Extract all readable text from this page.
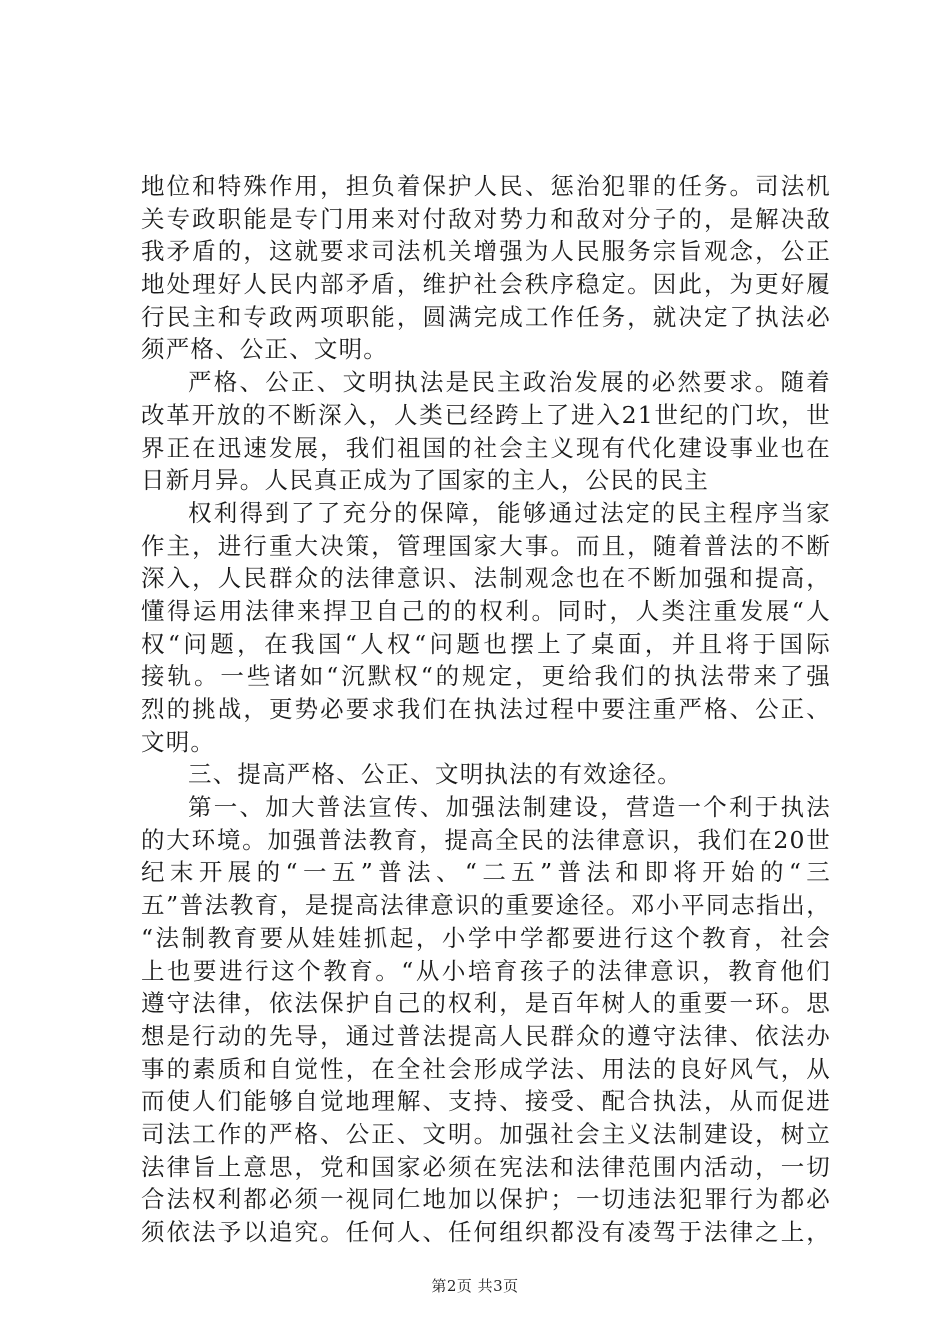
地位和特殊作用，担负着保护人民、惩治犯罪的任务。司法机
关专政职能是专门用来对付敌对势力和敌对分子的，是解决敌
我矛盾的，这就要求司法机关增强为人民服务宗旨观念，公正
地处理好人民内部矛盾，维护社会秩序稳定。因此，为更好履
行民主和专政两项职能，圆满完成工作任务，就决定了执法必
须严格、公正、文明。
严格、公正、文明执法是民主政治发展的必然要求。随着
改革开放的不断深入，人类已经跨上了进入21世纪的门坎，世
界正在迅速发展，我们祖国的社会主义现有代化建设事业也在
日新月异。人民真正成为了国家的主人，公民的民主
权利得到了了充分的保障，能够通过法定的民主程序当家
作主，进行重大决策，管理国家大事。而且，随着普法的不断
深入，人民群众的法律意识、法制观念也在不断加强和提高，
懂得运用法律来捍卫自己的的权利。同时，人类注重发展“人
权“问题，在我国“人权“问题也摆上了桌面，并且将于国际
接轨。一些诸如“沉默权“的规定，更给我们的执法带来了强
烈的挑战，更势必要求我们在执法过程中要注重严格、公正、
文明。
三、提高严格、公正、文明执法的有效途径。
第一、加大普法宣传、加强法制建设，营造一个利于执法
的大环境。加强普法教育，提高全民的法律意识，我们在20世
纪末开展的“一五”普法、“二五”普法和即将开始的“三
五”普法教育，是提高法律意识的重要途径。邓小平同志指出，
“法制教育要从娃娃抓起，小学中学都要进行这个教育，社会
上也要进行这个教育。“从小培育孩子的法律意识，教育他们
遵守法律，依法保护自己的权利，是百年树人的重要一环。思
想是行动的先导，通过普法提高人民群众的遵守法律、依法办
事的素质和自觉性，在全社会形成学法、用法的良好风气，从
而使人们能够自觉地理解、支持、接受、配合执法，从而促进
司法工作的严格、公正、文明。加强社会主义法制建设，树立
法律旨上意思，党和国家必须在宪法和法律范围内活动，一切
合法权利都必须一视同仁地加以保护；一切违法犯罪行为都必
须依法予以追究。任何人、任何组织都没有凌驾于法律之上，
第2页 共3页
